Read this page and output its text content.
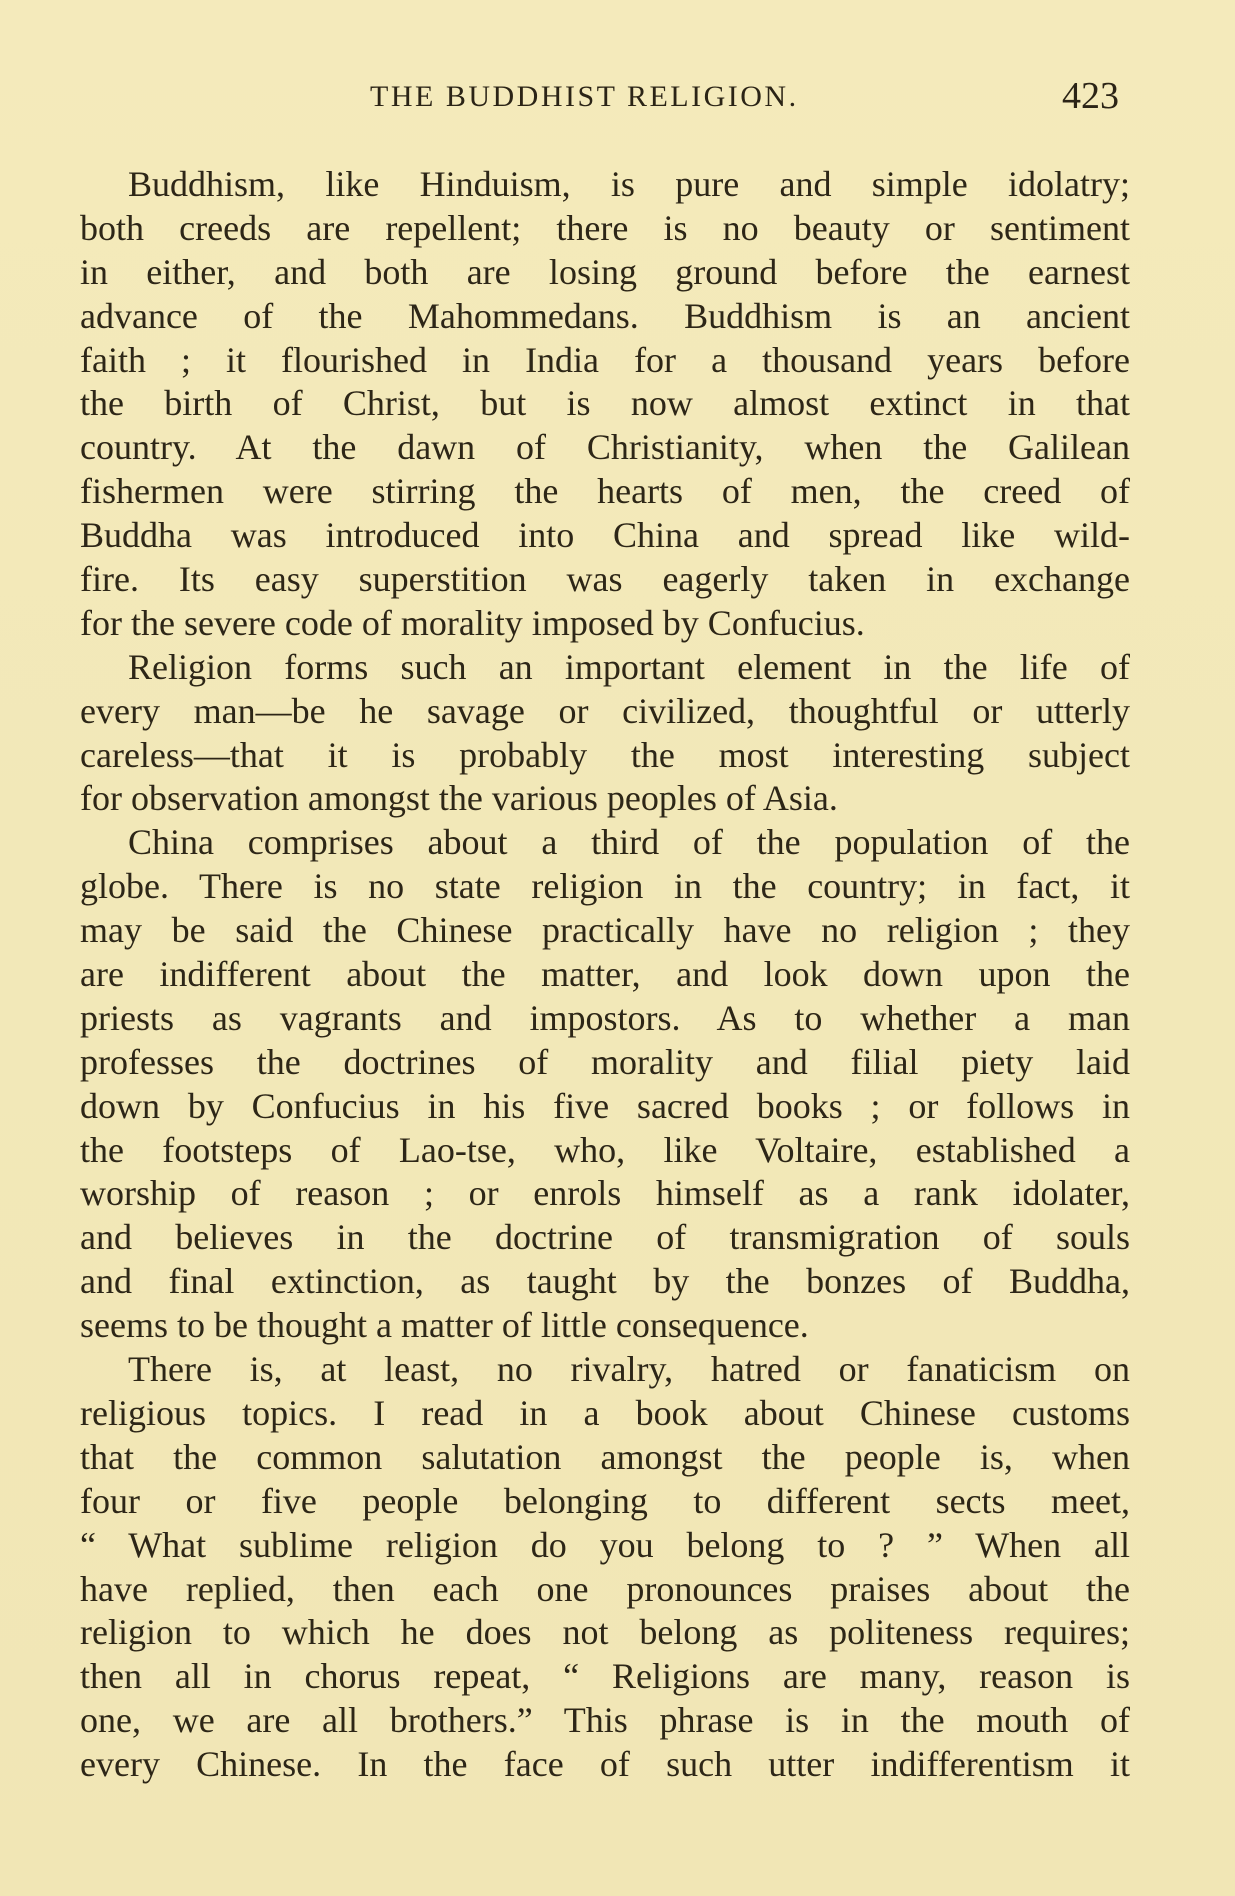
THE BUDDHIST RELIGION.	423
Buddhism, like Hinduism, is pure and simple idolatry;
both creeds are repellent; there is no beauty or sentiment
in either, and both are losing ground before the earnest
advance of the Mahommedans. Buddhism is an ancient
faith ; it flourished in India for a thousand years before
the birth of Christ, but is now almost extinct in that
country. At the dawn of Christianity, when the Galilean
fishermen were stirring the hearts of men, the creed of
Buddha was introduced into China and spread like wild-
fire. Its easy superstition was eagerly taken in exchange
for the severe code of morality imposed by Confucius.
Religion forms such an important element in the life of
every man—be he savage or civilized, thoughtful or utterly
careless—that it is probably the most interesting subject
for observation amongst the various peoples of Asia.
China comprises about a third of the population of the
globe. There is no state religion in the country; in fact, it
may be said the Chinese practically have no religion ; they
are indifferent about the matter, and look down upon the
priests as vagrants and impostors. As to whether a man
professes the doctrines of morality and filial piety laid
down by Confucius in his five sacred books ; or follows in
the footsteps of Lao-tse, who, like Voltaire, established a
worship of reason ; or enrols himself as a rank idolater,
and believes in the doctrine of transmigration of souls
and final extinction, as taught by the bonzes of Buddha,
seems to be thought a matter of little consequence.
There is, at least, no rivalry, hatred or fanaticism on
religious topics. I read in a book about Chinese customs
that the common salutation amongst the people is, when
four or five people belonging to different sects meet,
“ What sublime religion do you belong to ? ” When all
have replied, then each one pronounces praises about the
religion to which he does not belong as politeness requires;
then all in chorus repeat, “ Religions are many, reason is
one, we are all brothers.” This phrase is in the mouth of
every Chinese. In the face of such utter indifferentism it
